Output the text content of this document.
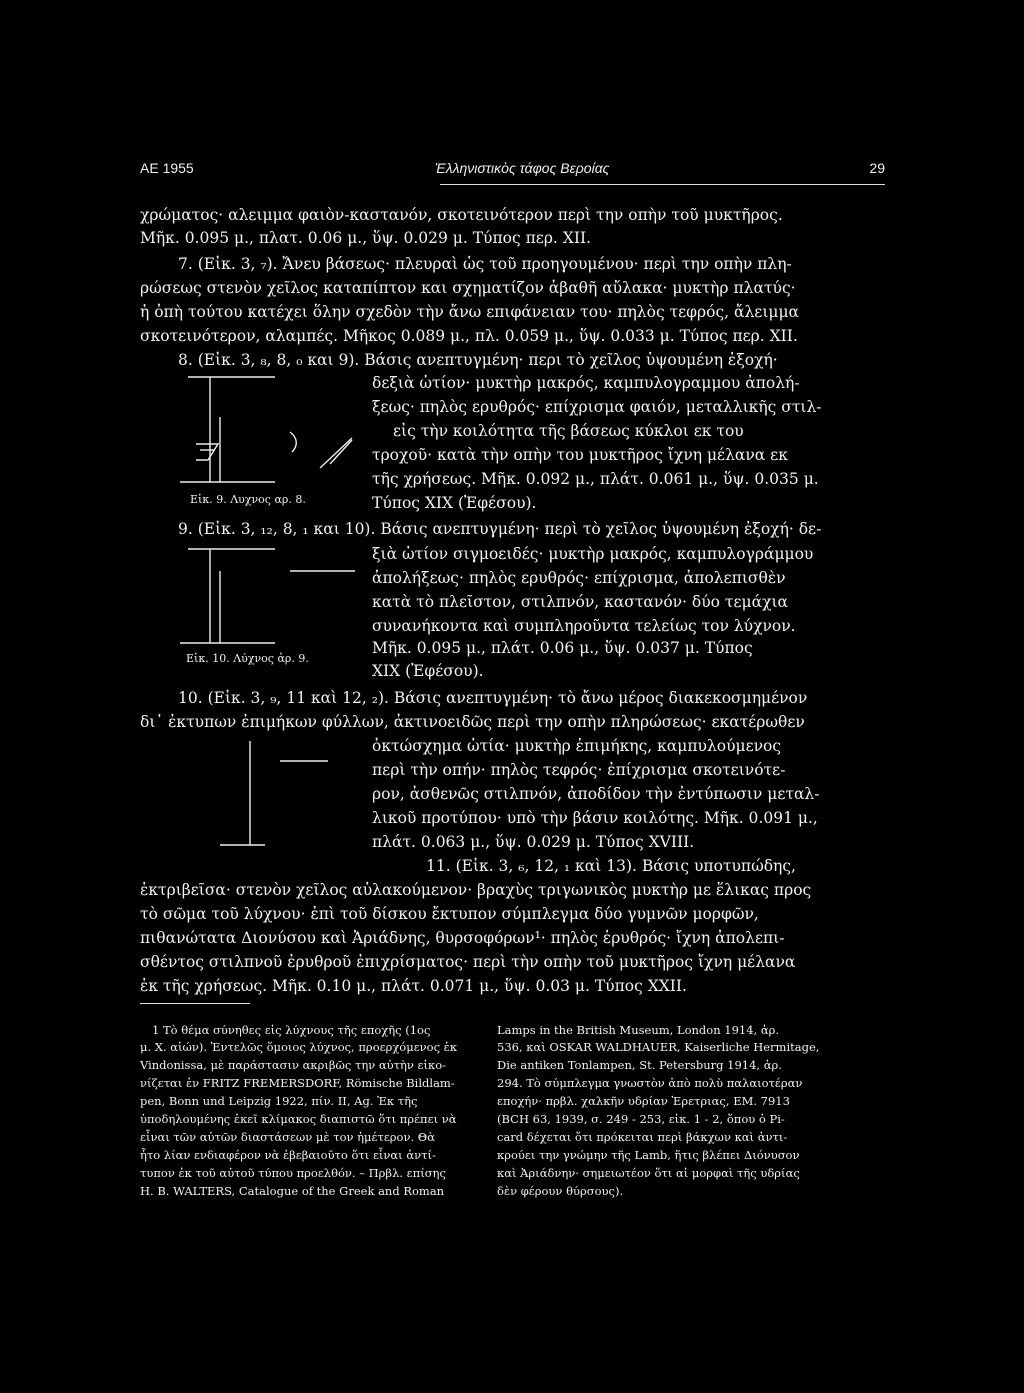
ΑΕ 1955	Ἑλληνιστικὸς τάφος Βεροίας	29
χρώματος· αλειμμα φαιὸν-καστανόν, σκοτεινότερον περὶ την οπὴν τοῦ μυκτῆρος.
Μῆκ. 0.095 μ., πλατ. 0.06 μ., ὕψ. 0.029 μ. Τύπος περ. ΧΙΙ.
7. (Εἰκ. 3, ₇). Ἄνευ βάσεως· πλευραὶ ὡς τοῦ προηγουμένου· περὶ την οπὴν πλη-
ρώσεως στενὸν χεῖλος καταπίπτον και σχηματίζον ἀβαθῆ αὔλακα· μυκτὴρ πλατύς·
ἡ ὀπὴ τούτου κατέχει ὅλην σχεδὸν τὴν ἄνω επιφάνειαν του· πηλὸς τεφρός, ἄλειμμα
σκοτεινότερον, αλαμπές. Μῆκος 0.089 μ., πλ. 0.059 μ., ὕψ. 0.033 μ. Τύπος περ. ΧΙΙ.
8. (Εἰκ. 3, ₈, 8, ₀ και 9). Βάσις ανεπτυγμένη· περι τὸ χεῖλος ὑψουμένη ἐξοχή·
Εἰκ. 9. Λυχνος αρ. 8.
δεξιὰ ὠτίον· μυκτὴρ μακρός, καμπυλογραμμου ἀπολή-
ξεως· πηλὸς ερυθρός· επίχρισμα φαιόν, μεταλλικῆς στιλ-
εἰς τὴν κοιλότητα τῆς βάσεως κύκλοι εκ του
τροχοῦ· κατὰ τὴν οπὴν του μυκτῆρος ἴχνη μέλανα εκ
τῆς χρήσεως. Μῆκ. 0.092 μ., πλάτ. 0.061 μ., ὕψ. 0.035 μ.
Τύπος ΧΙΧ (Ἐφέσου).
9. (Εἰκ. 3, ₁₂, 8, ₁ και 10). Βάσις ανεπτυγμένη· περὶ τὸ χεῖλος ὑψουμένη ἐξοχή· δε-
Εἰκ. 10. Λύχνος ἀρ. 9.
ξιὰ ὠτίον σιγμοειδές· μυκτὴρ μακρός, καμπυλογράμμου
ἀπολήξεως· πηλὸς ερυθρός· επίχρισμα, ἀπολεπισθὲν
κατὰ τὸ πλεῖστον, στιλπνόν, καστανόν· δύο τεμάχια
συνανήκοντα καὶ συμπληροῦντα τελείως τον λύχνον.
Μῆκ. 0.095 μ., πλάτ. 0.06 μ., ὕψ. 0.037 μ. Τύπος
ΧΙΧ (Ἐφέσου).
10. (Εἰκ. 3, ₉, 11 καὶ 12, ₂). Βάσις ανεπτυγμένη· τὸ ἄνω μέρος διακεκοσμημένον
δι᾽ ἐκτυπων ἐπιμήκων φύλλων, ἀκτινοειδῶς περὶ την οπὴν πληρώσεως· εκατέρωθεν
ὀκτώσχημα ὠτία· μυκτὴρ ἐπιμήκης, καμπυλούμενος
περὶ τὴν οπήν· πηλὸς τεφρός· ἐπίχρισμα σκοτεινότε-
ρον, ἀσθενῶς στιλπνόν, ἀποδίδον τὴν ἐντύπωσιν μεταλ-
λικοῦ προτύπου· υπὸ τὴν βάσιν κοιλότης. Μῆκ. 0.091 μ.,
πλάτ. 0.063 μ., ὕψ. 0.029 μ. Τύπος XVIII.
11. (Εἰκ. 3, ₆, 12, ₁ καὶ 13). Βάσις υποτυπώδης,
ἐκτριβεῖσα· στενὸν χεῖλος αὐλακούμενον· βραχὺς τριγωνικὸς μυκτὴρ με ἕλικας προς
τὸ σῶμα τοῦ λύχνου· ἐπὶ τοῦ δίσκου ἔκτυπον σύμπλεγμα δύο γυμνῶν μορφῶν,
πιθανώτατα Διονύσου καὶ Ἀριάδνης, θυρσοφόρων¹· πηλὸς ἐρυθρός· ἴχνη ἀπολεπι-
σθέντος στιλπνοῦ ἐρυθροῦ ἐπιχρίσματος· περὶ τὴν οπὴν τοῦ μυκτῆρος ἴχνη μέλανα
ἐκ τῆς χρήσεως. Μῆκ. 0.10 μ., πλάτ. 0.071 μ., ὕψ. 0.03 μ. Τύπος XXII.
1 Τὸ θέμα σύνηθες εἰς λύχνους τῆς εποχῆς (1ος
μ. Χ. αἰών). Ἐντελῶς ὅμοιος λύχνος, προερχόμενος ἐκ
Vindonissa, μὲ παράστασιν ακριβῶς την αὐτὴν εἰκο-
νίζεται ἐν FRITZ FREMERSDORF, Römische Bildlam-
pen, Bonn und Leipzig 1922, πίν. II, Ag. Ἐκ τῆς
ὑποδηλουμένης ἐκεῖ κλίμακος διαπιστῶ ὅτι πρέπει νὰ
εἶναι τῶν αὐτῶν διαστάσεων μὲ τον ἡμέτερον. Θὰ
ἦτο λίαν ενδιαφέρον νὰ ἐβεβαιοῦτο ὅτι εἶναι ἀντί-
τυπον ἐκ τοῦ αὐτοῦ τύπου προελθόν. – Πρβλ. επίσης
H. B. WALTERS, Catalogue of the Greek and Roman
Lamps in the British Museum, London 1914, ἀρ.
536, καὶ OSKAR WALDHAUER, Kaiserliche Hermitage,
Die antiken Tonlampen, St. Petersburg 1914, ἀρ.
294. Τὸ σύμπλεγμα γνωστὸν ἀπὸ πολὺ παλαιοτέραν
εποχήν· πρβλ. χαλκῆν υδρίαν Ἐρετριας, ΕΜ. 7913
(BCH 63, 1939, σ. 249 - 253, εἰκ. 1 - 2, ὅπου ὁ Pi-
card δέχεται ὅτι πρόκειται περὶ βάκχων καὶ ἀντι-
κρούει την γνώμην τῆς Lamb, ἥτις βλέπει Διόνυσον
καὶ Ἀριάδνην· σημειωτέον ὅτι αἱ μορφαὶ τῆς υδρίας
δὲν φέρουν θύρσους).
